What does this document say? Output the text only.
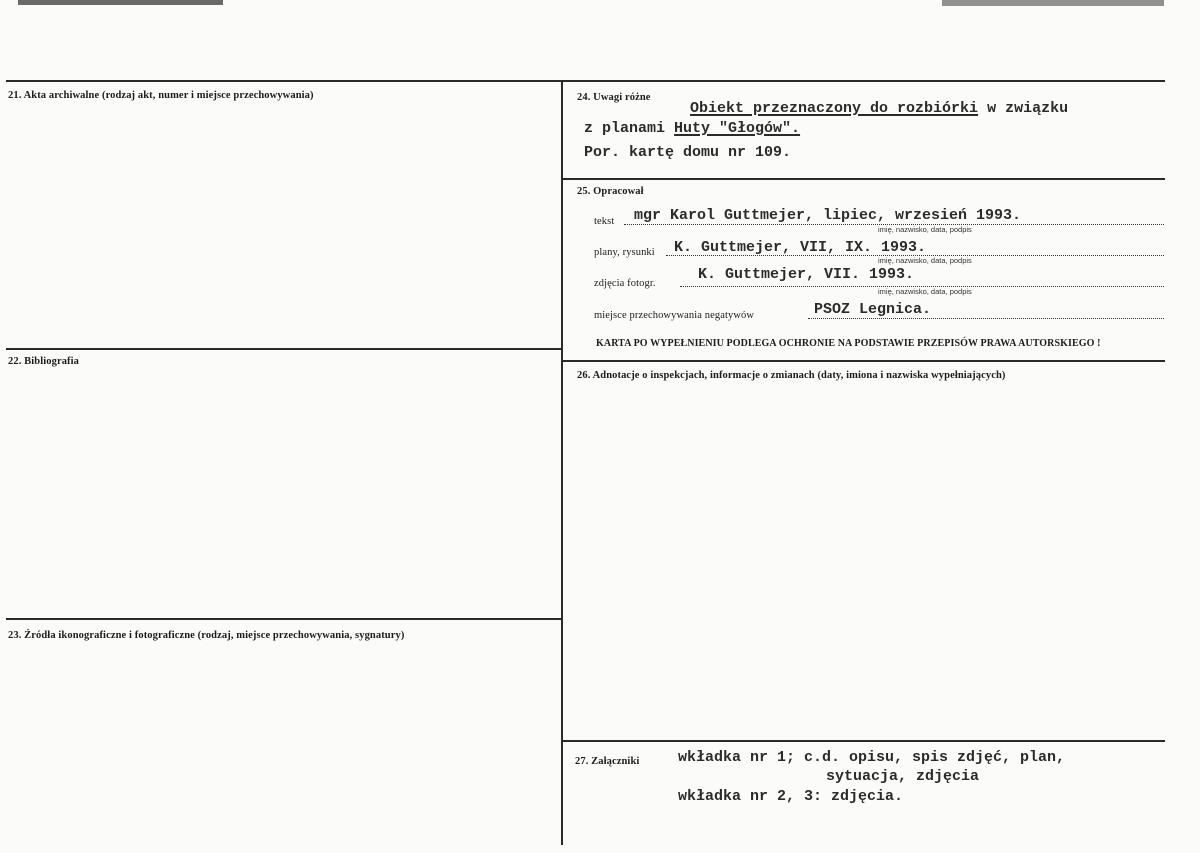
21. Akta archiwalne (rodzaj akt, numer i miejsce przechowywania)
22. Bibliografia
23. Źródła ikonograficzne i fotograficzne (rodzaj, miejsce przechowywania, sygnatury)
24. Uwagi różne
Obiekt przeznaczony do rozbiórki w związku
z planami Huty "Głogów".
Por. kartę domu nr 109.
25. Opracował
tekst mgr Karol Guttmejer, lipiec, wrzesień 1993.
imię, nazwisko, data, podpis
plany, rysunki K. Guttmejer, VII, IX. 1993.
imię, nazwisko, data, podpis
zdjęcia fotogr.
K. Guttmejer, VII. 1993.
imię, nazwisko, data, podpis
miejsce przechowywania negatywów	PSOZ Legnica.
KARTA PO WYPEŁNIENIU PODLEGA OCHRONIE NA PODSTAWIE PRZEPISÓW PRAWA AUTORSKIEGO !
26. Adnotacje o inspekcjach, informacje o zmianach (daty, imiona i nazwiska wypełniających)
27. Załączniki	wkładka nr 1; c.d. opisu, spis zdjęć, plan,
sytuacja, zdjęcia
wkładka nr 2, 3: zdjęcia.
